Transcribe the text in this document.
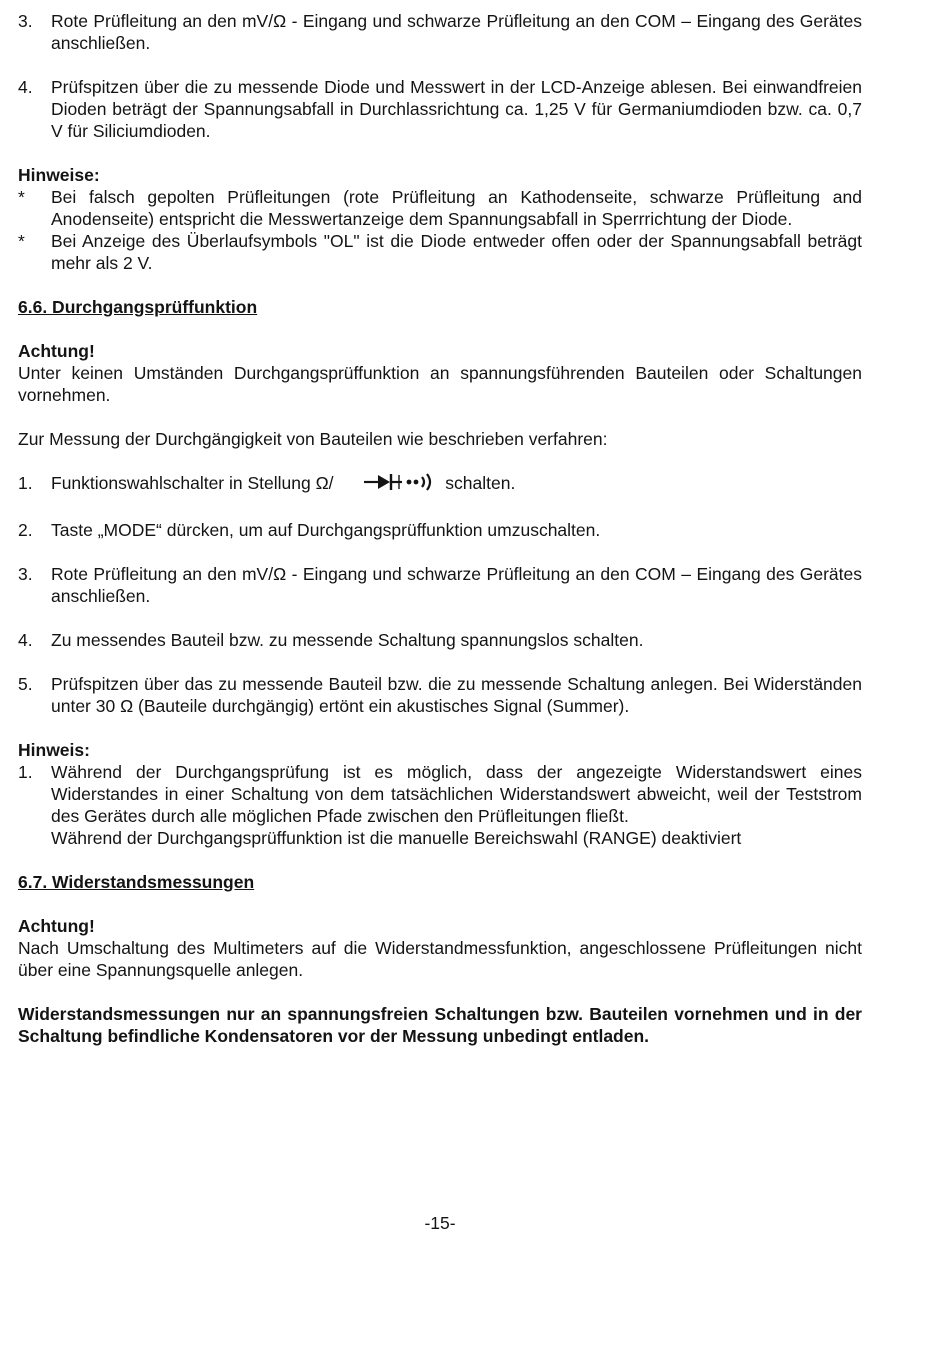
3. Rote Prüfleitung an den mV/Ω - Eingang und schwarze Prüfleitung an den COM – Eingang des Gerätes anschließen.
4. Prüfspitzen über die zu messende Diode und Messwert in der LCD-Anzeige ablesen. Bei einwandfreien Dioden beträgt der Spannungsabfall in Durchlassrichtung ca. 1,25 V für Germaniumdioden bzw. ca. 0,7 V für Siliciumdioden.
Hinweise:
* Bei falsch gepolten Prüfleitungen (rote Prüfleitung an Kathodenseite, schwarze Prüfleitung and Anodenseite) entspricht die Messwertanzeige dem Spannungsabfall in Sperrrichtung der Diode.
* Bei Anzeige des Überlaufsymbols "OL" ist die Diode entweder offen oder der Spannungsabfall beträgt mehr als 2 V.
6.6. Durchgangsprüffunktion
Achtung!
Unter keinen Umständen Durchgangsprüffunktion an spannungsführenden Bauteilen oder Schaltungen vornehmen.
Zur Messung der Durchgängigkeit von Bauteilen wie beschrieben verfahren:
1. Funktionswahlschalter in Stellung Ω/	schalten.
2. Taste „MODE“ dürcken, um auf Durchgangsprüffunktion umzuschalten.
3. Rote Prüfleitung an den mV/Ω - Eingang und schwarze Prüfleitung an den COM – Eingang des Gerätes anschließen.
4. Zu messendes Bauteil bzw. zu messende Schaltung spannungslos schalten.
5. Prüfspitzen über das zu messende Bauteil bzw. die zu messende Schaltung anlegen. Bei Widerständen unter 30 Ω (Bauteile durchgängig) ertönt ein akustisches Signal (Summer).
Hinweis:
1. Während der Durchgangsprüfung ist es möglich, dass der angezeigte Widerstandswert eines Widerstandes in einer Schaltung von dem tatsächlichen Widerstandswert abweicht, weil der Teststrom des Gerätes durch alle möglichen Pfade zwischen den Prüfleitungen fließt.
Während der Durchgangsprüffunktion ist die manuelle Bereichswahl (RANGE) deaktiviert
6.7. Widerstandsmessungen
Achtung!
Nach Umschaltung des Multimeters auf die Widerstandmessfunktion, angeschlossene Prüfleitungen nicht über eine Spannungsquelle anlegen.
Widerstandsmessungen nur an spannungsfreien Schaltungen bzw. Bauteilen vornehmen und in der Schaltung befindliche Kondensatoren vor der Messung unbedingt entladen.
-15-
